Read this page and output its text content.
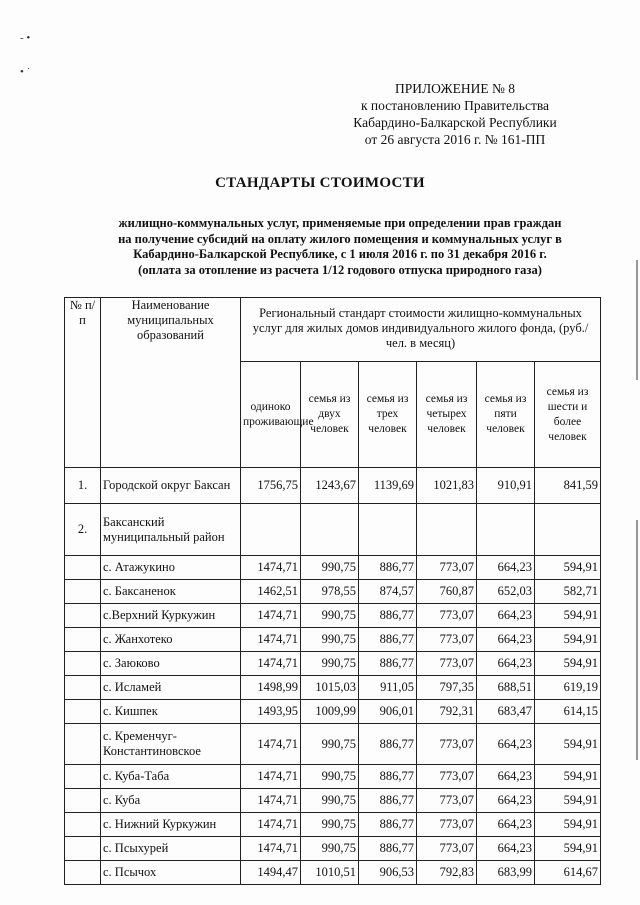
- •
• ˙
ПРИЛОЖЕНИЕ № 8
к постановлению Правительства
Кабардино-Балкарской Республики
от 26 августа 2016 г. № 161-ПП
СТАНДАРТЫ СТОИМОСТИ
жилищно-коммунальных услуг, применяемые при определении прав граждан
на получение субсидий на оплату жилого помещения и коммунальных услуг в
Кабардино-Балкарской Республике, с 1 июля 2016 г. по 31 декабря 2016 г.
(оплата за отопление из расчета 1/12 годового отпуска природного газа)
№ п/п	Наименование муниципальных образований	Региональный стандарт стоимости жилищно-коммунальных услуг для жилых домов индивидуального жилого фонда, (руб./чел. в месяц)					
		одиноко проживающие	семья из двух человек	семья из трех человек	семья из четырех человек	семья из пяти человек	семья из шести и более человек
1.	Городской округ Баксан	1756,75	1243,67	1139,69	1021,83	910,91	841,59
2.	Баксанский муниципальный район						
	с. Атажукино	1474,71	990,75	886,77	773,07	664,23	594,91
	с. Баксаненок	1462,51	978,55	874,57	760,87	652,03	582,71
	с.Верхний Куркужин	1474,71	990,75	886,77	773,07	664,23	594,91
	с. Жанхотеко	1474,71	990,75	886,77	773,07	664,23	594,91
	с. Заюково	1474,71	990,75	886,77	773,07	664,23	594,91
	с. Исламей	1498,99	1015,03	911,05	797,35	688,51	619,19
	с. Кишпек	1493,95	1009,99	906,01	792,31	683,47	614,15
	с. Кременчуг-Константиновское	1474,71	990,75	886,77	773,07	664,23	594,91
	с. Куба-Таба	1474,71	990,75	886,77	773,07	664,23	594,91
	с. Куба	1474,71	990,75	886,77	773,07	664,23	594,91
	с. Нижний Куркужин	1474,71	990,75	886,77	773,07	664,23	594,91
	с. Псыхурей	1474,71	990,75	886,77	773,07	664,23	594,91
	с. Псычох	1494,47	1010,51	906,53	792,83	683,99	614,67
